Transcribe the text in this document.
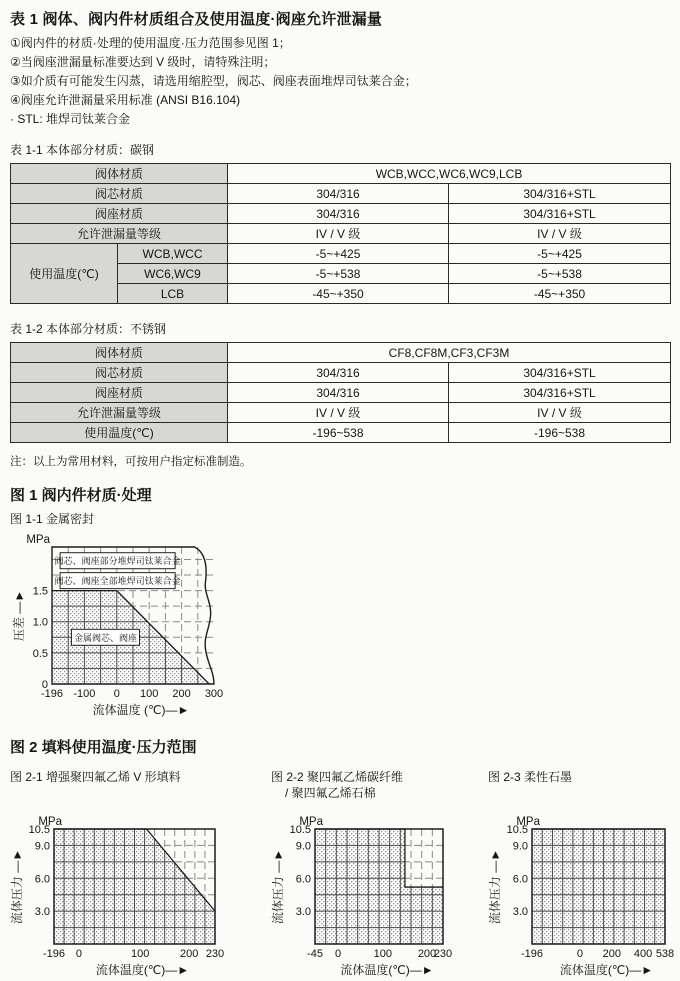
表 1 阀体、阀内件材质组合及使用温度·阀座允许泄漏量
①阀内件的材质·处理的使用温度·压力范围参见图 1；
②当阀座泄漏量标准要达到 V 级时，请特殊注明；
③如介质有可能发生闪蒸，请选用缩腔型，阀芯、阀座表面堆焊司钛莱合金；
④阀座允许泄漏量采用标准 (ANSI B16.104)
· STL: 堆焊司钛莱合金
表 1-1 本体部分材质：碳钢
阀体材质		WCB,WCC,WC6,WC9,LCB	
阀芯材质		304/316	304/316+STL
阀座材质		304/316	304/316+STL
允许泄漏量等级		IV / V 级	IV / V 级
使用温度(℃)	WCB,WCC	-5~+425	-5~+425
	WC6,WC9	-5~+538	-5~+538
	LCB	-45~+350	-45~+350
表 1-2 本体部分材质：不锈钢
阀体材质	CF8,CF8M,CF3,CF3M	
阀芯材质	304/316	304/316+STL
阀座材质	304/316	304/316+STL
允许泄漏量等级	IV / V 级	IV / V 级
使用温度(℃)	-196~538	-196~538
注：以上为常用材料，可按用户指定标准制造。
图 1 阀内件材质·处理
图 1-1 金属密封
0
0.5
1.0
1.5
MPa
-196 -100 0 100 200 300
流体温度 (℃)—►
压差 —►
阀芯、阀座部分堆焊司钛莱合金
阀芯、阀座全部堆焊司钛莱合金
金属阀芯、阀座
图 2 填料使用温度·压力范围
图 2-1 增强聚四氟乙烯 V 形填料
3.0
6.0
9.0
10.5
MPa
-196 0	100	200 230
流体温度(℃)—►
流体压力 —►
图 2-2 聚四氟乙烯碳纤维
/ 聚四氟乙烯石棉
3.0
6.0
9.0
10.5
MPa
-45 0	100 200
230
流体温度(℃)—►
流体压力 —►
图 2-3 柔性石墨
3.0
6.0
9.0
10.5
MPa
-196	0 200 400 538
流体温度(℃)—►
流体压力 —►
